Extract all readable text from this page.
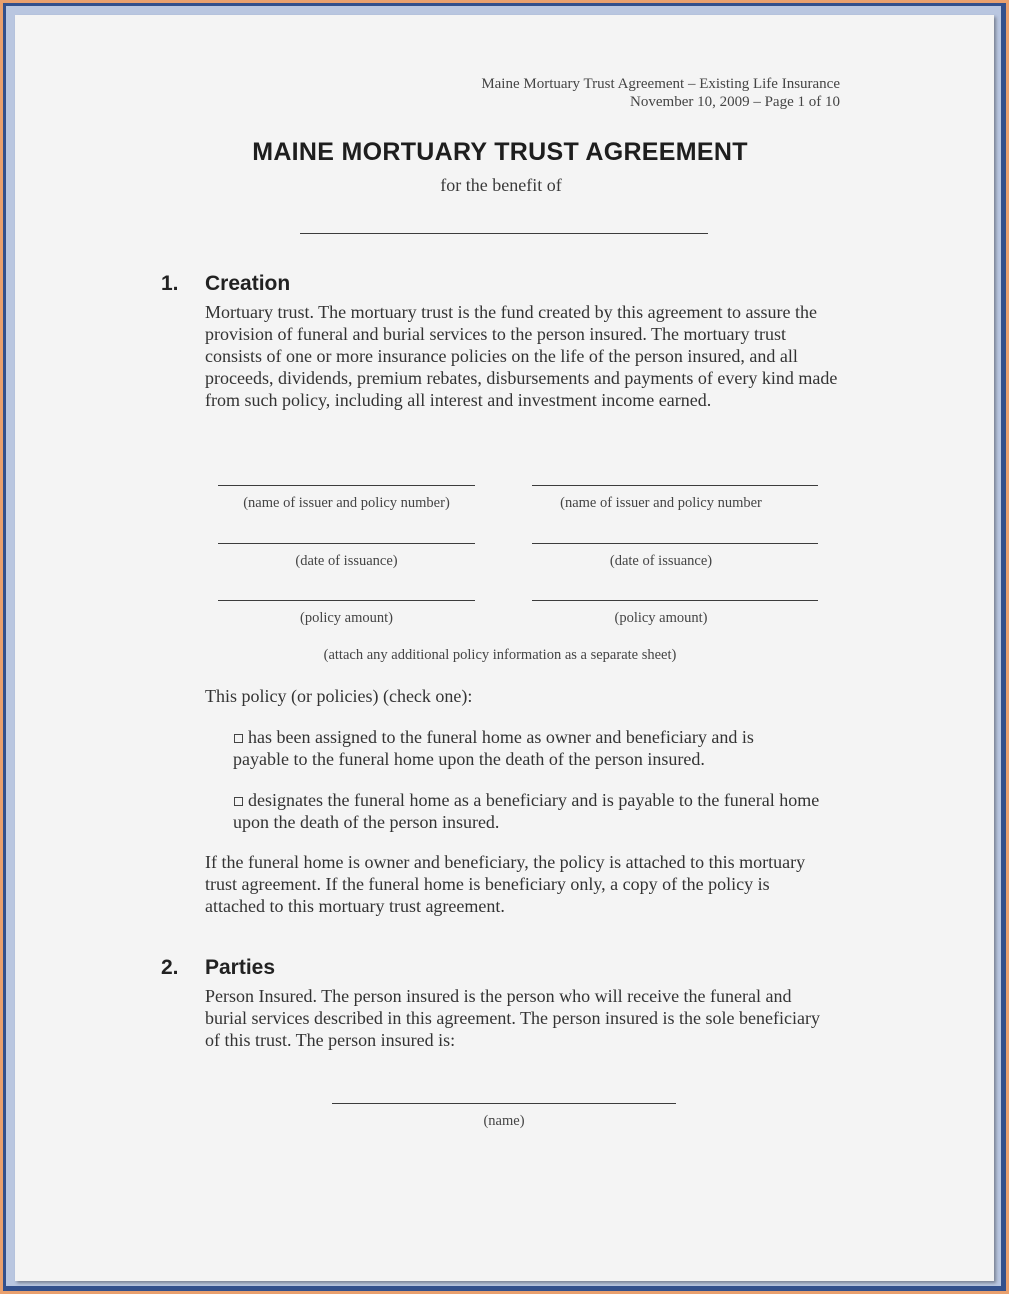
Maine Mortuary Trust Agreement – Existing Life Insurance
November 10, 2009 – Page 1 of 10
MAINE MORTUARY TRUST AGREEMENT
for the benefit of
1. Creation
Mortuary trust. The mortuary trust is the fund created by this agreement to assure the provision of funeral and burial services to the person insured. The mortuary trust consists of one or more insurance policies on the life of the person insured, and all proceeds, dividends, premium rebates, disbursements and payments of every kind made from such policy, including all interest and investment income earned.
(name of issuer and policy number)
(date of issuance)
(policy amount)
(name of issuer and policy number
(date of issuance)
(policy amount)
(attach any additional policy information as a separate sheet)
This policy (or policies) (check one):
has been assigned to the funeral home as owner and beneficiary and is payable to the funeral home upon the death of the person insured.
designates the funeral home as a beneficiary and is payable to the funeral home upon the death of the person insured.
If the funeral home is owner and beneficiary, the policy is attached to this mortuary trust agreement. If the funeral home is beneficiary only, a copy of the policy is attached to this mortuary trust agreement.
2. Parties
Person Insured. The person insured is the person who will receive the funeral and burial services described in this agreement. The person insured is the sole beneficiary of this trust. The person insured is:
(name)
